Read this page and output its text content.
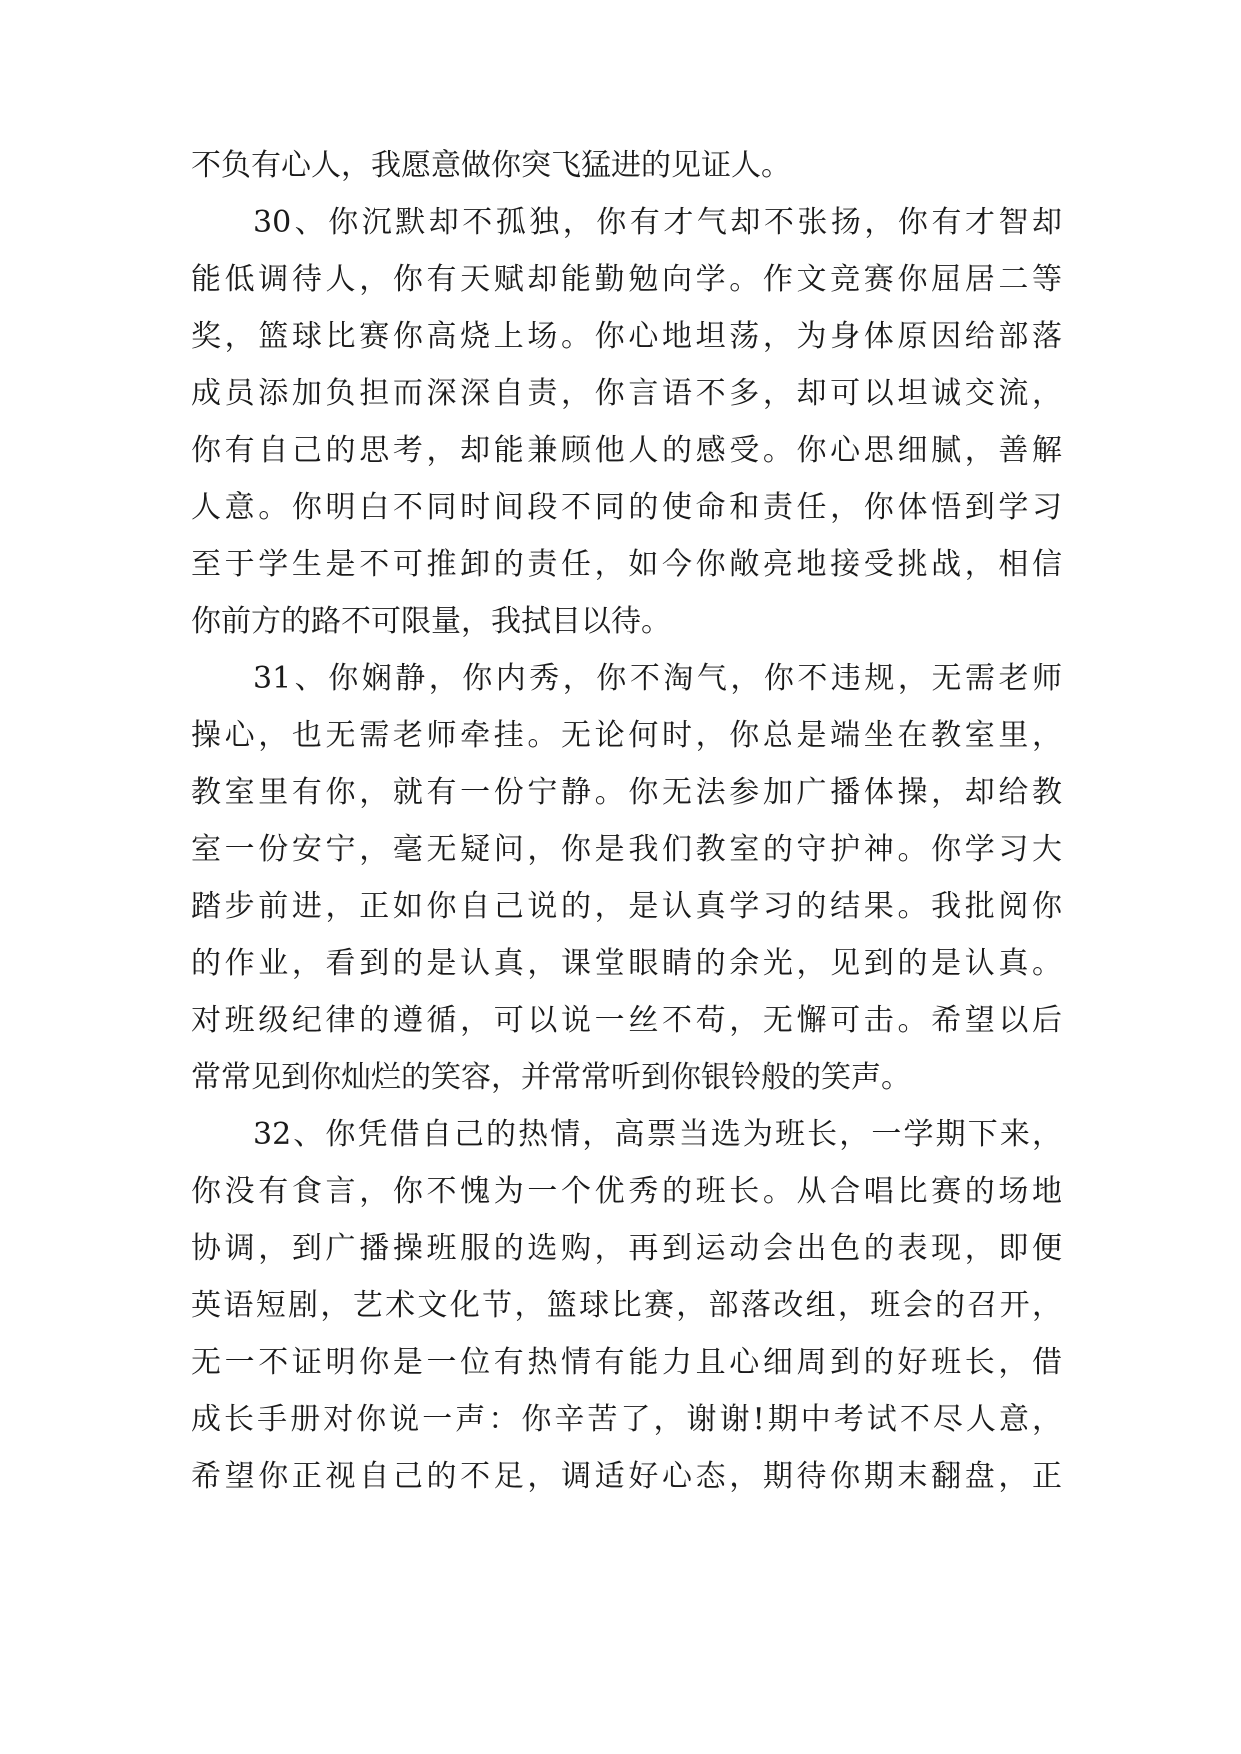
不负有心人，我愿意做你突飞猛进的见证人。
30、你沉默却不孤独，你有才气却不张扬，你有才智却
能低调待人，你有天赋却能勤勉向学。作文竞赛你屈居二等
奖，篮球比赛你高烧上场。你心地坦荡，为身体原因给部落
成员添加负担而深深自责，你言语不多，却可以坦诚交流，
你有自己的思考，却能兼顾他人的感受。你心思细腻，善解
人意。你明白不同时间段不同的使命和责任，你体悟到学习
至于学生是不可推卸的责任，如今你敞亮地接受挑战，相信
你前方的路不可限量，我拭目以待。
31、你娴静，你内秀，你不淘气，你不违规，无需老师
操心，也无需老师牵挂。无论何时，你总是端坐在教室里，
教室里有你，就有一份宁静。你无法参加广播体操，却给教
室一份安宁，毫无疑问，你是我们教室的守护神。你学习大
踏步前进，正如你自己说的，是认真学习的结果。我批阅你
的作业，看到的是认真，课堂眼睛的余光，见到的是认真。
对班级纪律的遵循，可以说一丝不苟，无懈可击。希望以后
常常见到你灿烂的笑容，并常常听到你银铃般的笑声。
32、你凭借自己的热情，高票当选为班长，一学期下来，
你没有食言，你不愧为一个优秀的班长。从合唱比赛的场地
协调，到广播操班服的选购，再到运动会出色的表现，即便
英语短剧，艺术文化节，篮球比赛，部落改组，班会的召开，
无一不证明你是一位有热情有能力且心细周到的好班长，借
成长手册对你说一声：你辛苦了，谢谢!期中考试不尽人意，
希望你正视自己的不足，调适好心态，期待你期末翻盘，正
